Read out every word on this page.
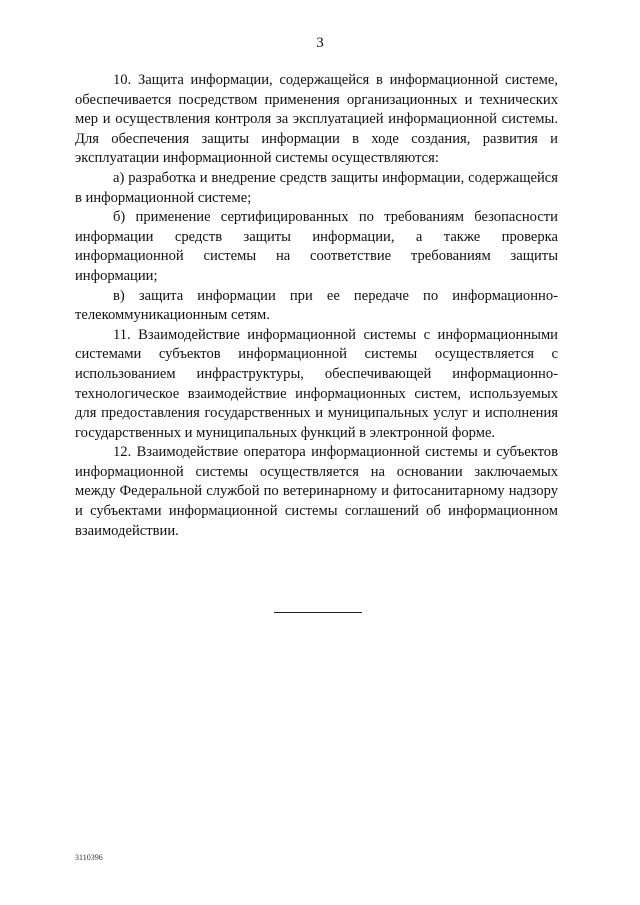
3

10. Защита информации, содержащейся в информационной системе, обеспечивается посредством применения организационных и технических мер и осуществления контроля за эксплуатацией информационной системы. Для обеспечения защиты информации в ходе создания, развития и эксплуатации информационной системы осуществляются:

а) разработка и внедрение средств защиты информации, содержащейся в информационной системе;

б) применение сертифицированных по требованиям безопасности информации средств защиты информации, а также проверка информационной системы на соответствие требованиям защиты информации;

в) защита информации при ее передаче по информационно-телекоммуникационным сетям.

11. Взаимодействие информационной системы с информационными системами субъектов информационной системы осуществляется с использованием инфраструктуры, обеспечивающей информационно-технологическое взаимодействие информационных систем, используемых для предоставления государственных и муниципальных услуг и исполнения государственных и муниципальных функций в электронной форме.

12. Взаимодействие оператора информационной системы и субъектов информационной системы осуществляется на основании заключаемых между Федеральной службой по ветеринарному и фитосанитарному надзору и субъектами информационной системы соглашений об информационном взаимодействии.

3110396
